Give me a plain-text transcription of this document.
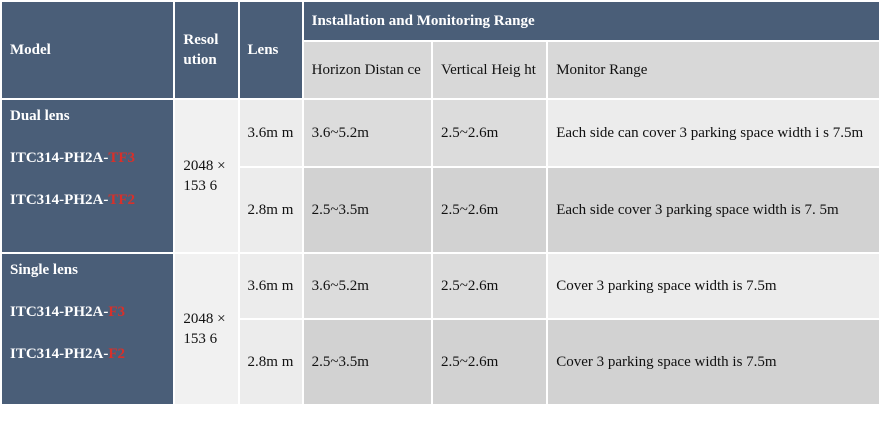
Model	Resol ution	Lens	Installation and Monitoring Range		
			Horizon Distan ce	Vertical Heig ht	Monitor Range

Dual lens
ITC314-PH2A-TF3
ITC314-PH2A-TF2	2048 ×153 6	3.6m m	3.6~5.2m	2.5~2.6m	Each side can cover 3 parking space width i s 7.5m
		2.8m m	2.5~3.5m	2.5~2.6m	Each side cover 3 parking space width is 7. 5m

Single lens
ITC314-PH2A-F3
ITC314-PH2A-F2	2048 ×153 6	3.6m m	3.6~5.2m	2.5~2.6m	Cover 3 parking space width is 7.5m
		2.8m m	2.5~3.5m	2.5~2.6m	Cover 3 parking space width is 7.5m
